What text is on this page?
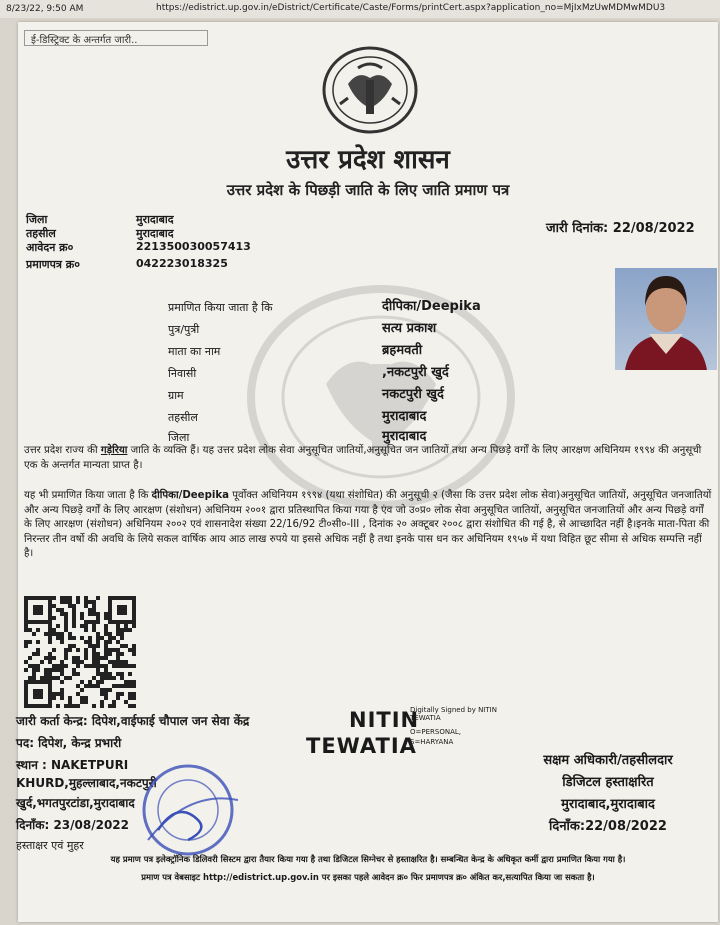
8/23/22, 9:50 AM	https://edistrict.up.gov.in/eDistrict/Certificate/Caste/Forms/printCert.aspx?application_no=MjIxMzUwMDMwMDU3
ई-डिस्ट्रिक्ट के अन्तर्गत जारी..
उत्तर प्रदेश शासन
उत्तर प्रदेश के पिछड़ी जाति के लिए जाति प्रमाण पत्र
जिला	मुरादाबाद
तहसील	मुरादाबाद
आवेदन क्र०	221350030057413
प्रमाणपत्र क्र०	042223018325
जारी दिनांक: 22/08/2022
प्रमाणित किया जाता है कि	दीपिका/Deepika
पुत्र/पुत्री	सत्य प्रकाश
माता का नाम	ब्रहमवती
निवासी	,नकटपुरी खुर्द
ग्राम	नकटपुरी खुर्द
तहसील	मुरादाबाद
जिला	मुरादाबाद
उत्तर प्रदेश राज्य की गड़ेरिया जाति के व्यक्ति हैं। यह उत्तर प्रदेश लोक सेवा अनुसूचित जातियों,अनुसूचित जन जातियों तथा अन्य पिछड़े वर्गों के लिए आरक्षण अधिनियम १९९४ की अनुसूची एक के अन्तर्गत मान्यता प्राप्त है।
यह भी प्रमाणित किया जाता है कि दीपिका/Deepika पूर्वोक्त अधिनियम १९९४ (यथा संशोधित) की अनुसूची २ (जैसा कि उत्तर प्रदेश लोक सेवा)अनुसूचित जातियों, अनुसूचित जनजातियों और अन्य पिछड़े वर्गों के लिए आरक्षण (संशोधन) अधिनियम २००१ द्वारा प्रतिस्थापित किया गया है एंव जो उ०प्र० लोक सेवा अनुसूचित जातियों, अनुसूचित जनजातियों और अन्य पिछड़े वर्गों के लिए आरक्षण (संशोधन) अधिनियम २००२ एवं शासनादेश संख्या 22/16/92 टी०सी०-III , दिनांक २० अक्टूबर २००८ द्वारा संशोधित की गई है, से आच्छादित नहीं है।इनके माता-पिता की निरन्तर तीन वर्षो की अवधि के लिये सकल वार्षिक आय आठ लाख रुपये या इससे अधिक नहीं है तथा इनके पास धन कर अधिनियम १९५७ में यथा विहित छूट सीमा से अधिक सम्पत्ति नहीं है।
जारी कर्ता केन्द्र: दिपेश,वाईफाई चौपाल जन सेवा केंद्र
पद: दिपेश, केन्द्र प्रभारी
स्थान : NAKETPURI
KHURD,मुहल्लाबाद,नकटपुरी
खुर्द,भगतपुरटांडा,मुरादाबाद
दिनाँक: 23/08/2022
हस्ताक्षर एवं मुहर
NITIN
TEWATIA
Digitally Signed by NITIN
TEWATIA
O=PERSONAL,
S=HARYANA
सक्षम अधिकारी/तहसीलदार
डिजिटल हस्ताक्षरित
मुरादाबाद,मुरादाबाद
दिनाँक:22/08/2022
यह प्रमाण पत्र इलेक्ट्रॉनिक डिलिवरी सिस्टम द्वारा तैयार किया गया है तथा डिजिटल सिग्नेचर से हस्ताक्षरित है। सम्बन्धित केन्द्र के अधिकृत कर्मी द्वारा प्रमाणित किया गया है।
प्रमाण पत्र वेबसाइट http://edistrict.up.gov.in पर इसका पहले आवेदन क्र० फिर प्रमाणपत्र क्र० अंकित कर,सत्यापित किया जा सकता है।
